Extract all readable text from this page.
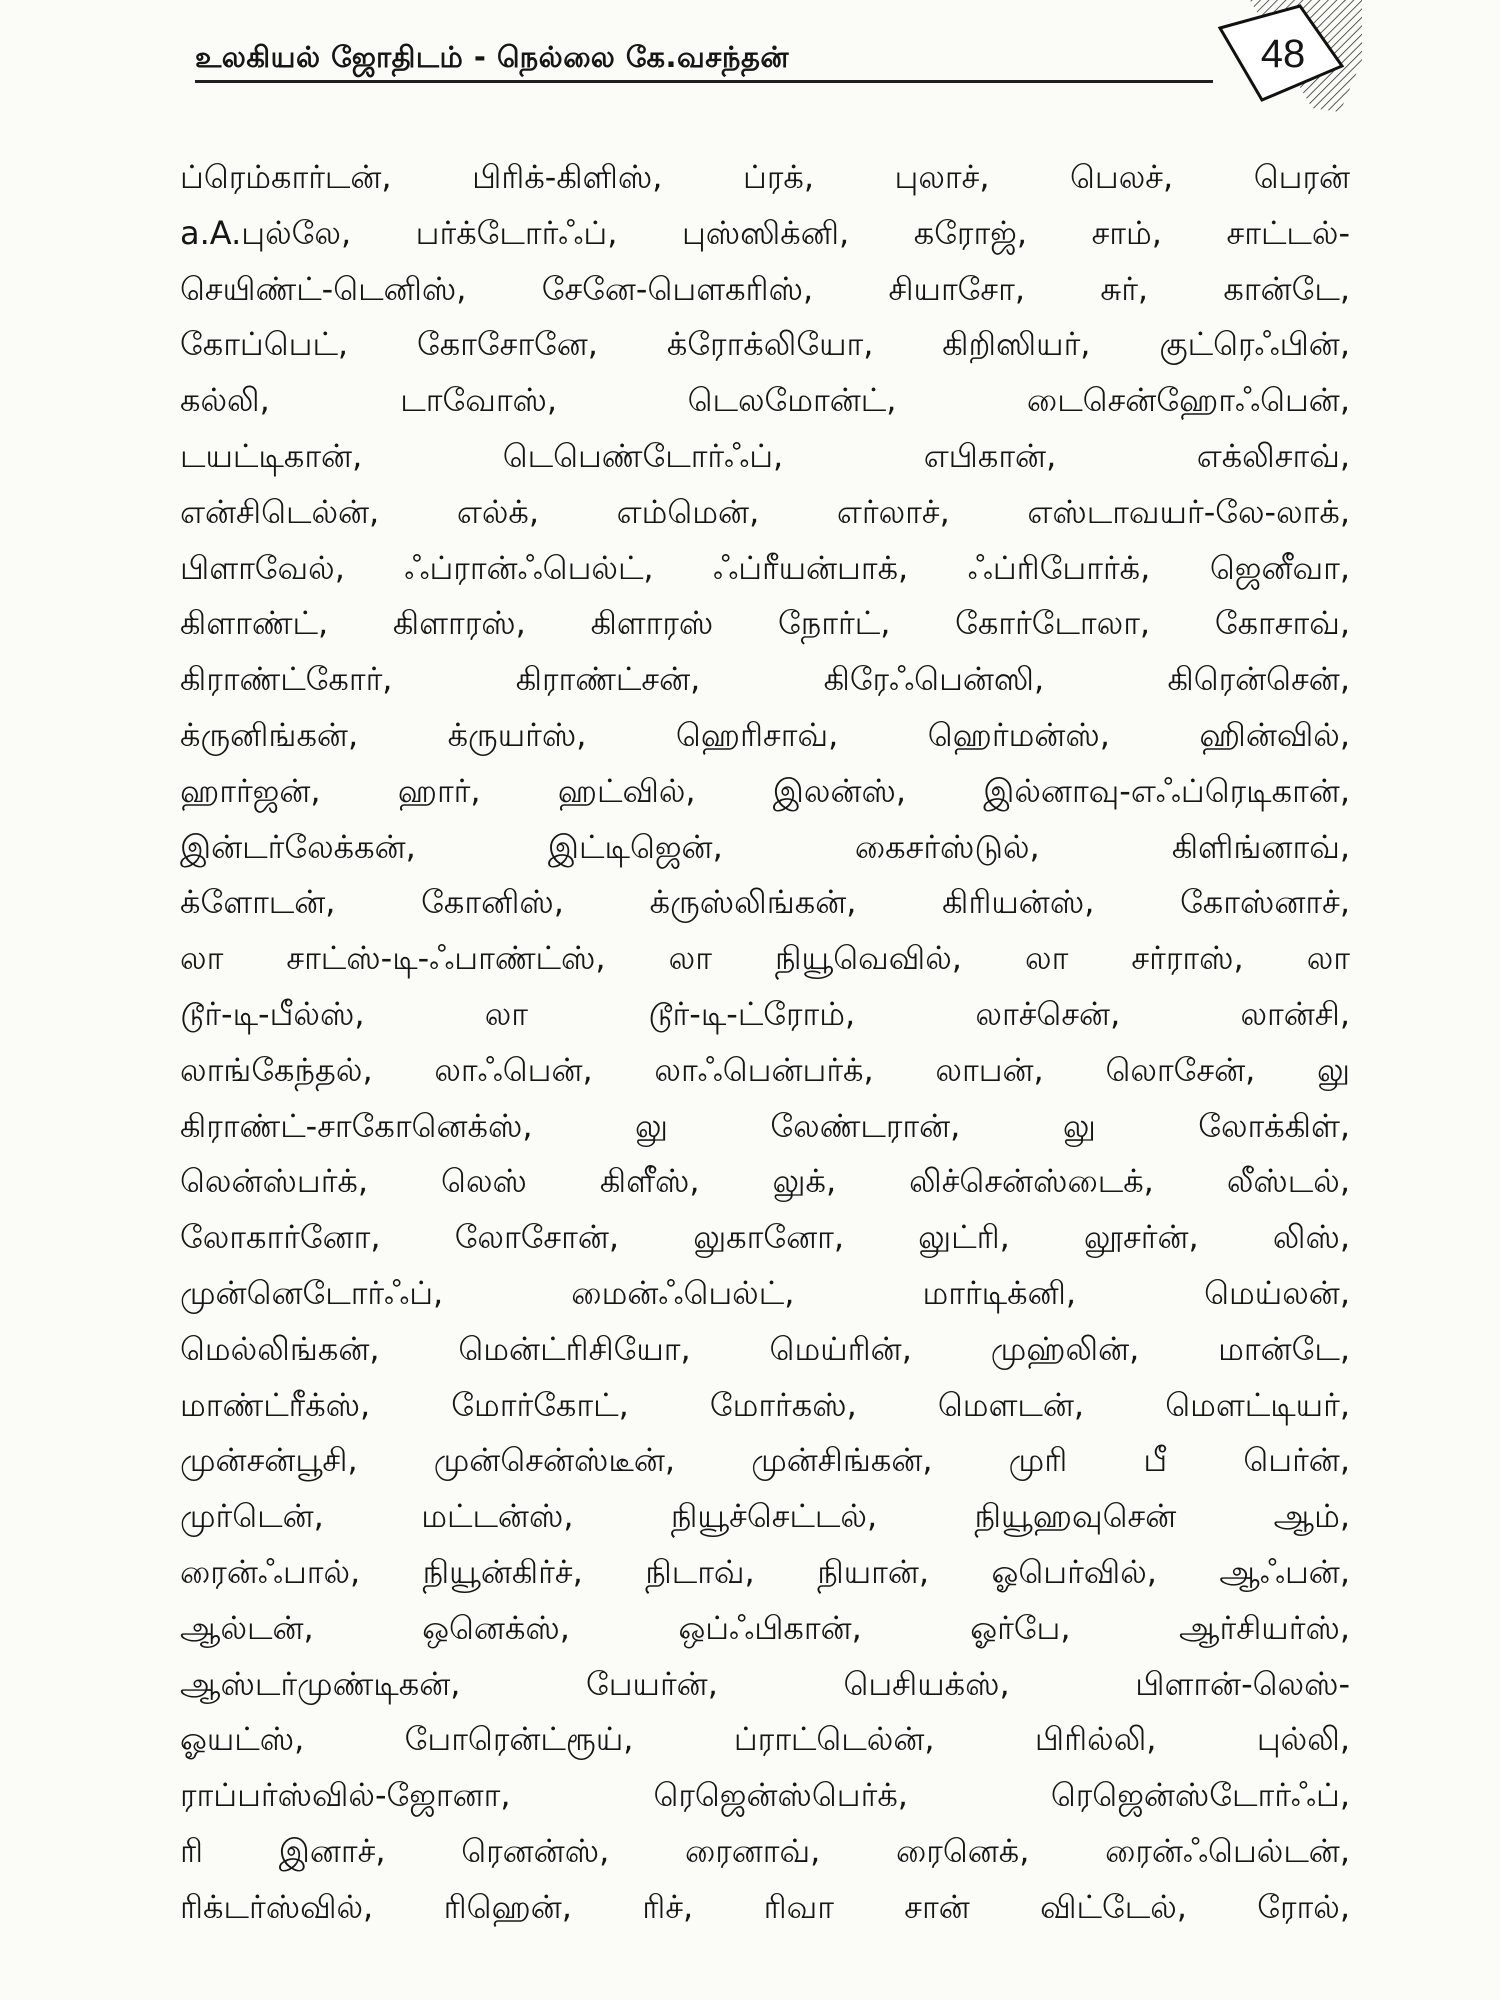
உலகியல் ஜோதிடம் - நெல்லை கே.வசந்தன்	48
ப்ரெம்கார்டன், பிரிக்-கிளிஸ், ப்ரக், புலாச், பெலச், பெரன்
a.A.புல்லே, பர்க்டோர்ஃப், புஸ்ஸிக்னி, கரோஜ், சாம், சாட்டல்-
செயிண்ட்-டெனிஸ், சேனே-பௌகரிஸ், சியாசோ, சுர், கான்டே,
கோப்பெட், கோசோனே, க்ரோக்லியோ, கிறிஸியர், குட்ரெஃபின்,
கல்லி, டாவோஸ், டெலமோன்ட், டைசென்ஹோஃபென்,
டயட்டிகான், டெபெண்டோர்ஃப், எபிகான், எக்லிசாவ்,
என்சிடெல்ன், எல்க், எம்மென், எர்லாச், எஸ்டாவயர்-லே-லாக்,
பிளாவேல், ஃப்ரான்ஃபெல்ட், ஃப்ரீயன்பாக், ஃப்ரிபோர்க், ஜெனீவா,
கிளாண்ட், கிளாரஸ், கிளாரஸ் நோர்ட், கோர்டோலா, கோசாவ்,
கிராண்ட்கோர், கிராண்ட்சன், கிரேஃபென்ஸி, கிரென்சென்,
க்ருனிங்கன், க்ருயர்ஸ், ஹெரிசாவ், ஹெர்மன்ஸ், ஹின்வில்,
ஹார்ஜன், ஹார், ஹட்வில், இலன்ஸ், இல்னாவு-எஃப்ரெடிகான்,
இன்டர்லேக்கன், இட்டிஜென், கைசர்ஸ்டுல், கிளிங்னாவ்,
க்ளோடன், கோனிஸ், க்ருஸ்லிங்கன், கிரியன்ஸ், கோஸ்னாச்,
லா சாட்ஸ்-டி-ஃபாண்ட்ஸ், லா நியூவெவில், லா சர்ராஸ், லா
டூர்-டி-பீல்ஸ், லா டூர்-டி-ட்ரோம், லாச்சென், லான்சி,
லாங்கேந்தல், லாஃபென், லாஃபென்பர்க், லாபன், லொசேன், லு
கிராண்ட்-சாகோனெக்ஸ், லு லேண்டரான், லு லோக்கிள்,
லென்ஸ்பர்க், லெஸ் கிளீஸ், லுக், லிச்சென்ஸ்டைக், லீஸ்டல்,
லோகார்னோ, லோசோன், லுகானோ, லுட்ரி, லூசர்ன், லிஸ்,
முன்னெடோர்ஃப், மைன்ஃபெல்ட், மார்டிக்னி, மெய்லன்,
மெல்லிங்கன், மென்ட்ரிசியோ, மெய்ரின், முஹ்லின், மான்டே,
மாண்ட்ரீக்ஸ், மோர்கோட், மோர்கஸ், மௌடன், மௌட்டியர்,
முன்சன்பூசி, முன்சென்ஸ்டீன், முன்சிங்கன், முரி பீ பெர்ன்,
முர்டென், மட்டன்ஸ், நியூச்செட்டல், நியூஹவுசென் ஆம்,
ரைன்ஃபால், நியூன்கிர்ச், நிடாவ், நியான், ஓபெர்வில், ஆஃபன்,
ஆல்டன், ஒனெக்ஸ், ஒப்ஃபிகான், ஓர்பே, ஆர்சியர்ஸ்,
ஆஸ்டர்முண்டிகன், பேயர்ன், பெசியக்ஸ், பிளான்-லெஸ்-
ஓயட்ஸ், போரென்ட்ரூய், ப்ராட்டெல்ன், பிரில்லி, புல்லி,
ராப்பர்ஸ்வில்-ஜோனா, ரெஜென்ஸ்பெர்க், ரெஜென்ஸ்டோர்ஃப்,
ரி இனாச், ரெனன்ஸ், ரைனாவ், ரைனெக், ரைன்ஃபெல்டன்,
ரிக்டர்ஸ்வில், ரிஹென், ரிச், ரிவா சான் விட்டேல், ரோல்,
